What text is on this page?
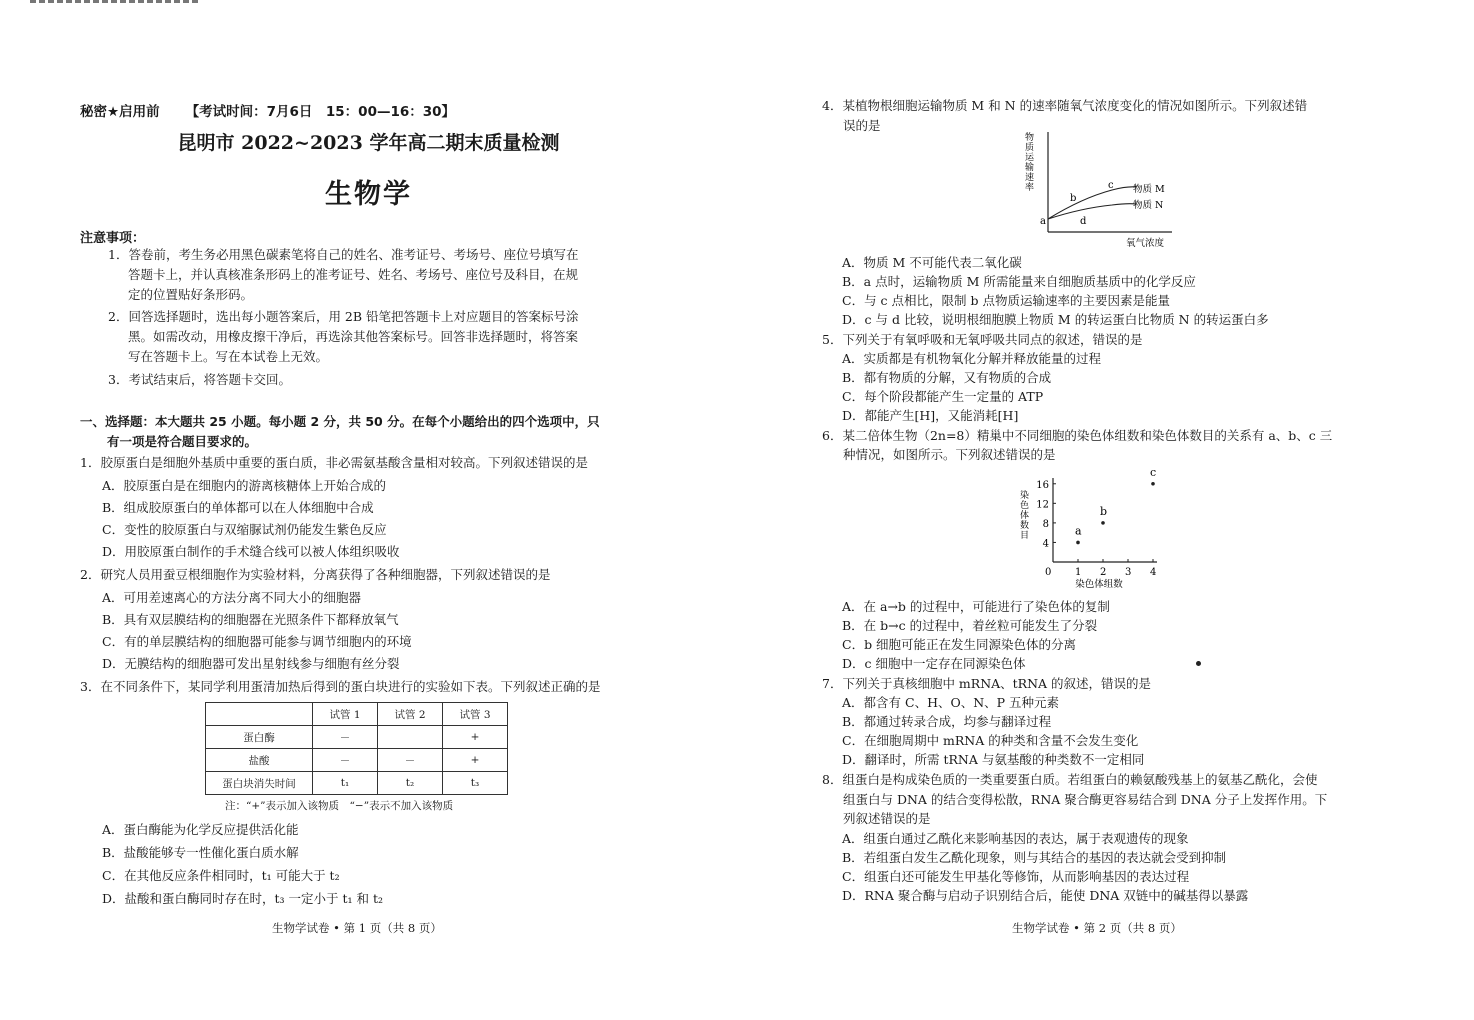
秘密★启用前 【考试时间：7月6日　15：00—16：30】
昆明市 2022~2023 学年高二期末质量检测
生物学
注意事项：
1．答卷前，考生务必用黑色碳素笔将自己的姓名、准考证号、考场号、座位号填写在
答题卡上，并认真核准条形码上的准考证号、姓名、考场号、座位号及科目，在规
定的位置贴好条形码。
2．回答选择题时，选出每小题答案后，用 2B 铅笔把答题卡上对应题目的答案标号涂
黑。如需改动，用橡皮擦干净后，再选涂其他答案标号。回答非选择题时，将答案
写在答题卡上。写在本试卷上无效。
3．考试结束后，将答题卡交回。
一、选择题：本大题共 25 小题。每小题 2 分，共 50 分。在每个小题给出的四个选项中，只
有一项是符合题目要求的。
1．胶原蛋白是细胞外基质中重要的蛋白质，非必需氨基酸含量相对较高。下列叙述错误的是
A．胶原蛋白是在细胞内的游离核糖体上开始合成的
B．组成胶原蛋白的单体都可以在人体细胞中合成
C．变性的胶原蛋白与双缩脲试剂仍能发生紫色反应
D．用胶原蛋白制作的手术缝合线可以被人体组织吸收
2．研究人员用蚕豆根细胞作为实验材料，分离获得了各种细胞器，下列叙述错误的是
A．可用差速离心的方法分离不同大小的细胞器
B．具有双层膜结构的细胞器在光照条件下都释放氧气
C．有的单层膜结构的细胞器可能参与调节细胞内的环境
D．无膜结构的细胞器可发出星射线参与细胞有丝分裂
3．在不同条件下，某同学利用蛋清加热后得到的蛋白块进行的实验如下表。下列叙述正确的是
	试管 1	试管 2	试管 3
蛋白酶	－		+
盐酸	－	－	+
蛋白块消失时间	t₁	t₂	t₃
注：“+”表示加入该物质　“−”表示不加入该物质
A．蛋白酶能为化学反应提供活化能
B．盐酸能够专一性催化蛋白质水解
C．在其他反应条件相同时，t₁ 可能大于 t₂
D．盐酸和蛋白酶同时存在时，t₃ 一定小于 t₁ 和 t₂
生物学试卷 • 第 1 页（共 8 页）
4．某植物根细胞运输物质 M 和 N 的速率随氧气浓度变化的情况如图所示。下列叙述错
误的是
物质运输速率
a
b
c
d
物质 M
物质 N
氧气浓度
A．物质 M 不可能代表二氧化碳
B．a 点时，运输物质 M 所需能量来自细胞质基质中的化学反应
C．与 c 点相比，限制 b 点物质运输速率的主要因素是能量
D．c 与 d 比较，说明根细胞膜上物质 M 的转运蛋白比物质 N 的转运蛋白多
5．下列关于有氧呼吸和无氧呼吸共同点的叙述，错误的是
A．实质都是有机物氧化分解并释放能量的过程
B．都有物质的分解，又有物质的合成
C．每个阶段都能产生一定量的 ATP
D．都能产生[H]，又能消耗[H]
6．某二倍体生物（2n=8）精巢中不同细胞的染色体组数和染色体数目的关系有 a、b、c 三
种情况，如图所示。下列叙述错误的是
染色体数目
0 1 2 3 4
4
8
12
16
a
b
c
染色体组数
A．在 a→b 的过程中，可能进行了染色体的复制
B．在 b→c 的过程中，着丝粒可能发生了分裂
C．b 细胞可能正在发生同源染色体的分离
D．c 细胞中一定存在同源染色体
7．下列关于真核细胞中 mRNA、tRNA 的叙述，错误的是
A．都含有 C、H、O、N、P 五种元素
B．都通过转录合成，均参与翻译过程
C．在细胞周期中 mRNA 的种类和含量不会发生变化
D．翻译时，所需 tRNA 与氨基酸的种类数不一定相同
8．组蛋白是构成染色质的一类重要蛋白质。若组蛋白的赖氨酸残基上的氨基乙酰化，会使
组蛋白与 DNA 的结合变得松散，RNA 聚合酶更容易结合到 DNA 分子上发挥作用。下
列叙述错误的是
A．组蛋白通过乙酰化来影响基因的表达，属于表观遗传的现象
B．若组蛋白发生乙酰化现象，则与其结合的基因的表达就会受到抑制
C．组蛋白还可能发生甲基化等修饰，从而影响基因的表达过程
D．RNA 聚合酶与启动子识别结合后，能使 DNA 双链中的碱基得以暴露
生物学试卷 • 第 2 页（共 8 页）
